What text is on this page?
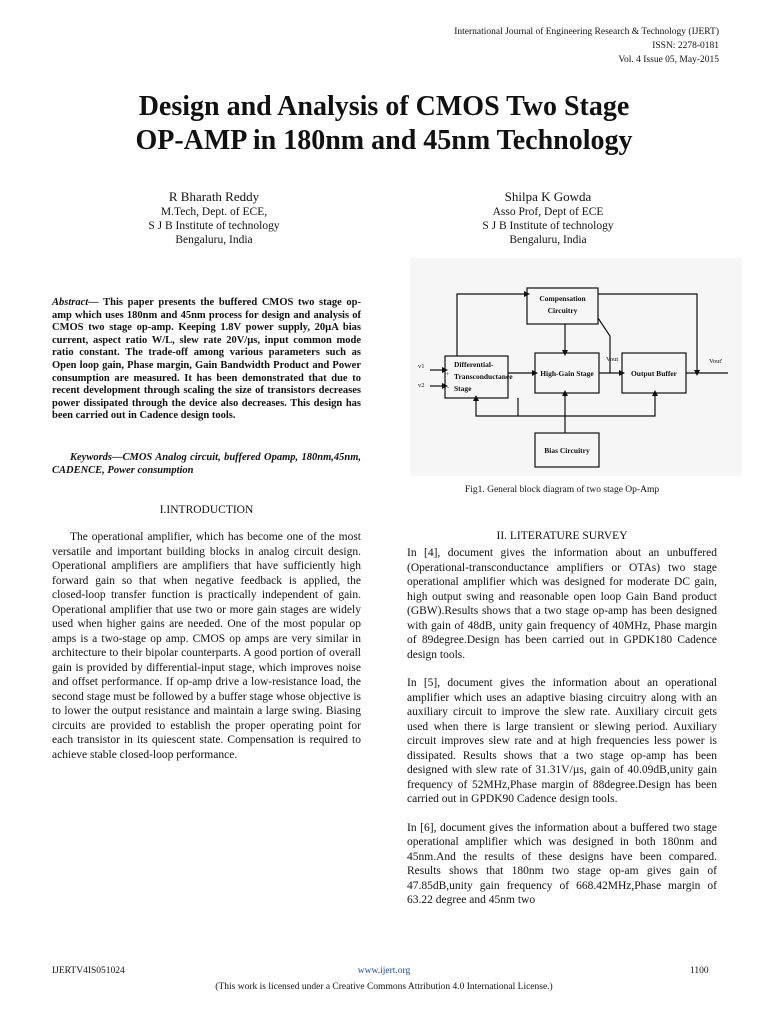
International Journal of Engineering Research & Technology (IJERT)
ISSN: 2278-0181
Vol. 4 Issue 05, May-2015
Design and Analysis of CMOS Two Stage
OP-AMP in 180nm and 45nm Technology
R Bharath Reddy
M.Tech, Dept. of ECE,
S J B Institute of technology
Bengaluru, India
Shilpa K Gowda
Asso Prof, Dept of ECE
S J B Institute of technology
Bengaluru, India
Abstract— This paper presents the buffered CMOS two stage op-amp which uses 180nm and 45nm process for design and analysis of CMOS two stage op-amp. Keeping 1.8V power supply, 20µA bias current, aspect ratio W/L, slew rate 20V/µs, input common mode ratio constant. The trade-off among various parameters such as Open loop gain, Phase margin, Gain Bandwidth Product and Power consumption are measured. It has been demonstrated that due to recent development through scaling the size of transistors decreases power dissipated through the device also decreases. This design has been carried out in Cadence design tools.
Keywords—CMOS Analog circuit, buffered Opamp, 180nm,45nm, CADENCE, Power consumption
I.INTRODUCTION

The operational amplifier, which has become one of the most versatile and important building blocks in analog circuit design. Operational amplifiers are amplifiers that have sufficiently high forward gain so that when negative feedback is applied, the closed-loop transfer function is practically independent of gain. Operational amplifier that use two or more gain stages are widely used when higher gains are needed. One of the most popular op amps is a two-stage op amp. CMOS op amps are very similar in architecture to their bipolar counterparts. A good portion of overall gain is provided by differential-input stage, which improves noise and offset performance. If op-amp drive a low-resistance load, the second stage must be followed by a buffer stage whose objective is to lower the output resistance and maintain a large swing. Biasing circuits are provided to establish the proper operating point for each transistor in its quiescent state. Compensation is required to achieve stable closed-loop performance.

Compensation
Circuitry
Differential-
Transconductance
Stage
High-Gain Stage	Output Buffer
Bias Circuitry
v1
v2
+
-
Vout	Vout'
Fig1. General block diagram of two stage Op-Amp
II. LITERATURE SURVEY

In [4], document gives the information about an unbuffered (Operational-transconductance amplifiers or OTAs) two stage operational amplifier which was designed for moderate DC gain, high output swing and reasonable open loop Gain Band product (GBW).Results shows that a two stage op-amp has been designed with gain of 48dB, unity gain frequency of 40MHz, Phase margin of 89degree.Design has been carried out in GPDK180 Cadence design tools.

In [5], document gives the information about an operational amplifier which uses an adaptive biasing circuitry along with an auxiliary circuit to improve the slew rate. Auxiliary circuit gets used when there is large transient or slewing period. Auxiliary circuit improves slew rate and at high frequencies less power is dissipated. Results shows that a two stage op-amp has been designed with slew rate of 31.31V/µs, gain of 40.09dB,unity gain frequency of 52MHz,Phase margin of 88degree.Design has been carried out in GPDK90 Cadence design tools.

In [6], document gives the information about a buffered two stage operational amplifier which was designed in both 180nm and 45nm.And the results of these designs have been compared. Results shows that 180nm two stage op-am gives gain of 47.85dB,unity gain frequency of 668.42MHz,Phase margin of 63.22 degree and 45nm two

IJERTV4IS051024	www.ijert.org	1100
(This work is licensed under a Creative Commons Attribution 4.0 International License.)
